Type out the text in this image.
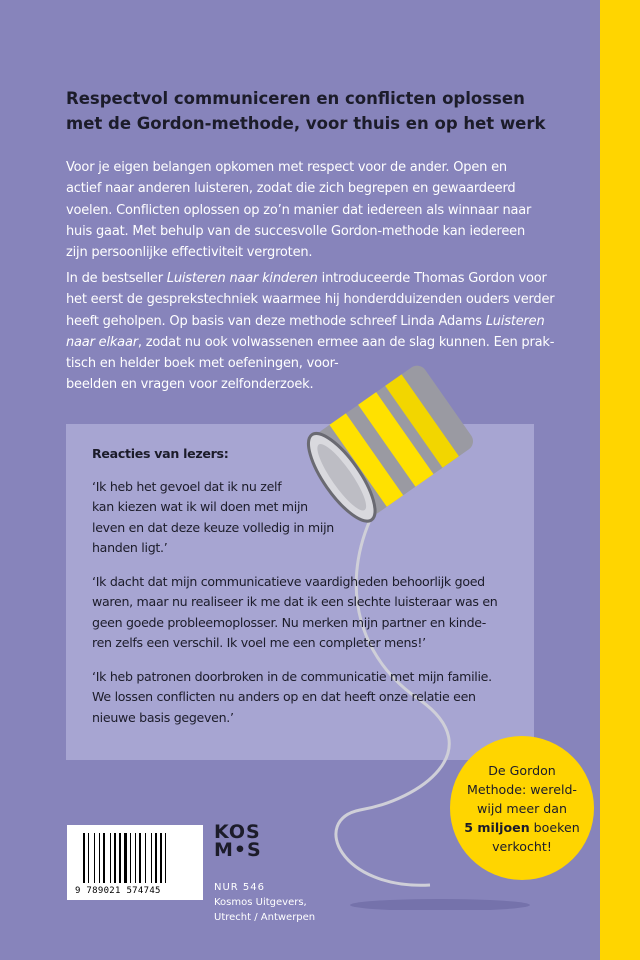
Respectvol communiceren en conflicten oplossen
met de Gordon-methode, voor thuis en op het werk
Voor je eigen belangen opkomen met respect voor de ander. Open en
actief naar anderen luisteren, zodat die zich begrepen en gewaardeerd
voelen. Conflicten oplossen op zo’n manier dat iedereen als winnaar naar
huis gaat. Met behulp van de succesvolle Gordon-methode kan iedereen
zijn persoonlijke effectiviteit vergroten.
In de bestseller Luisteren naar kinderen introduceerde Thomas Gordon voor
het eerst de gesprekstechniek waarmee hij honderdduizenden ouders verder
heeft geholpen. Op basis van deze methode schreef Linda Adams Luisteren
naar elkaar, zodat nu ook volwassenen ermee aan de slag kunnen. Een prak-
tisch en helder boek met oefeningen, voor-
beelden en vragen voor zelfonderzoek.
Reacties van lezers:
‘Ik heb het gevoel dat ik nu zelf
kan kiezen wat ik wil doen met mijn
leven en dat deze keuze volledig in mijn
handen ligt.’
‘Ik dacht dat mijn communicatieve vaardigheden behoorlijk goed
waren, maar nu realiseer ik me dat ik een slechte luisteraar was en
geen goede probleemoplosser. Nu merken mijn partner en kinde-
ren zelfs een verschil. Ik voel me een completer mens!’
‘Ik heb patronen doorbroken in de communicatie met mijn familie.
We lossen conflicten nu anders op en dat heeft onze relatie een
nieuwe basis gegeven.’
De Gordon
Methode: wereld-
wijd meer dan
5 miljoen boeken
verkocht!
9 789021 574745
KOS
M•S
NUR 546
Kosmos Uitgevers,
Utrecht / Antwerpen
